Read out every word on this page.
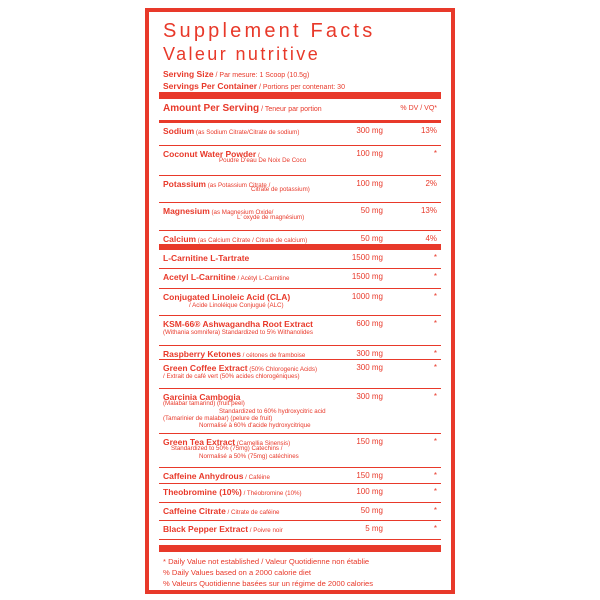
Supplement Facts
Valeur nutritive
Serving Size / Par mesure: 1 Scoop (10.5g)
Servings Per Container / Portions per contenant: 30
Amount Per Serving / Teneur par portion	% DV / VQ*
Sodium (as Sodium Citrate/Citrate de sodium)	300 mg	13%
Coconut Water Powder /
Poudre D'eau De Noix De Coco
100 mg	*
Potassium (as Potassium Citrate /
Citrate de potassium)
100 mg	2%
Magnesium (as Magnesium Oxide/
L' oxyde de magnésium)
50 mg	13%
Calcium (as Calcium Citrate / Citrate de calcium)	50 mg	4%
L-Carnitine L-Tartrate	1500 mg	*
Acetyl L-Carnitine / Acétyl L-Carnitine	1500 mg	*
Conjugated Linoleic Acid (CLA)
/ Acide Linoléique Conjugué (ALC)
1000 mg	*
KSM-66® Ashwagandha Root Extract
(Withania somnifera) Standardized to 5% Withanolides
600 mg	*
Raspberry Ketones / cétones de framboise	300 mg	*
Green Coffee Extract (50% Chlorogenic Acids)
/ Extrait de café vert (50% acides chlorogéniques)
300 mg	*
Garcinia Cambogia
(Malabar tamarind) (fruit peel)
Standardized to 60% hydroxycitric acid
(Tamarinier de malabar) (pelure de fruit)
Normalisé à 60% d'acide hydroxycitrique
300 mg	*
Green Tea Extract (Camellia Sinensis)
Standardized to 50% (75mg) Catechins /
Normalisé a 50% (75mg) catéchines
150 mg	*
Caffeine Anhydrous / Caféine	150 mg	*
Theobromine (10%) / Théobromine (10%)	100 mg	*
Caffeine Citrate / Citrate de caféine	50 mg	*
Black Pepper Extract / Poivre noir	5 mg	*
* Daily Value not established / Valeur Quotidienne non établie
% Daily Values based on a 2000 calorie diet
% Valeurs Quotidienne basées sur un régime de 2000 calories
